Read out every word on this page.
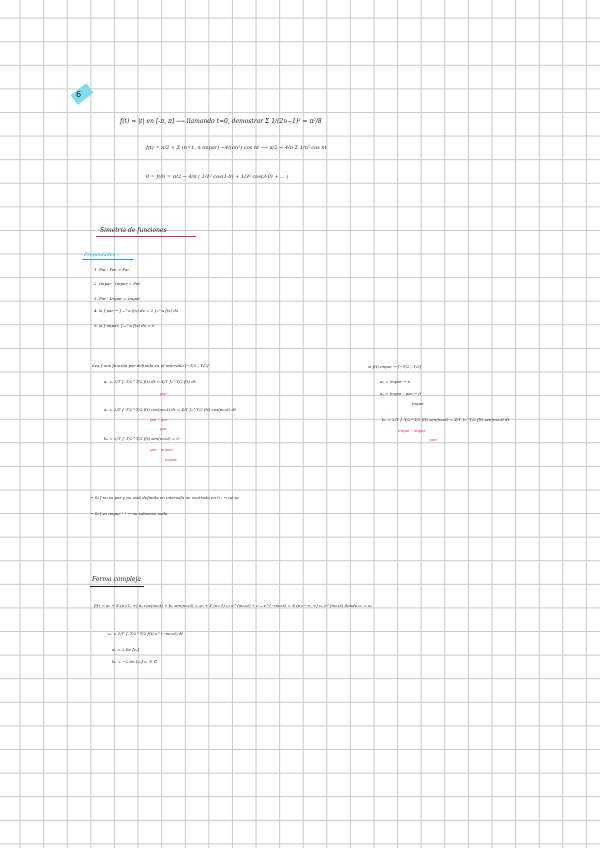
6
f(t) = |t| en [-π, π] ⟶ llamando t=0, demostrar Σ 1/(2n−1)² = π²/8
f(t) = π/2 + Σ (n=1, n impar) −4/(πn²) cos nt ⟶ π/2 − 4/π Σ 1/n² cos nt
0 = f(0) = π/2 − 4/π ( 1/1² cos(1·0) + 1/3² cos(3·0) + ... )
Simetría de funciones
Propiedades :
1. Par · Par = Par
2. Impar · Impar = Par
3. Par · Impar = Impar
4. si f par → ∫₋ₐ^a f(x) dx = 2 ∫₀^a f(x) dx
5. si f impar, ∫₋ₐ^a f(x) dx = 0
Sea f una función par definida en el intervalo [−T/2 , T/2]
a₀ = 2/T ∫₋T/2^T/2 f(t) dt = 4/T ∫₀^T/2 f(t) dt
par
aₙ = 2/T ∫₋T/2^T/2 f(t) cos(nω₀t) dt = 4/T ∫₀^T/2 f(t) cos(nω₀t) dt
par · par
par
bₙ = 2/T ∫₋T/2^T/2 f(t) sen(nω₀t) = 0
par · impar
impar
si f(t) impar → [−T/2 , T/2]
a₀ = impar → 0
aₙ = impar · par → 0
impar
bₙ = 2/T ∫₋T/2^T/2 f(t) sen(nω₀t) = 4/T ∫₀^T/2 f(t) sen(nω₀t) dt
impar · impar
par
→ Si f no es par y no está definida en intervalo no centrado en 0 , → no se
→ Si f es impar " " → no sabemos nada
Forma compleja
f(t) = a₀ + Σ (n=1, ∞) aₙ cos(nω₀t) + bₙ sen(nω₀t) = a₀ + Σ (n=1) cₙ e^(inω₀t) + c₋ₙ e^(−inω₀t) = Σ (n=−∞, ∞) cₙ e^(inω₀t) donde c₀ = a₀
cₙ = 1/T ∫₋T/2^T/2 f(t) e^(−inω₀t) dt
aₙ = 2 Re [cₙ]
bₙ = −2 Im [cₙ] cₙ ∈ ℂ
